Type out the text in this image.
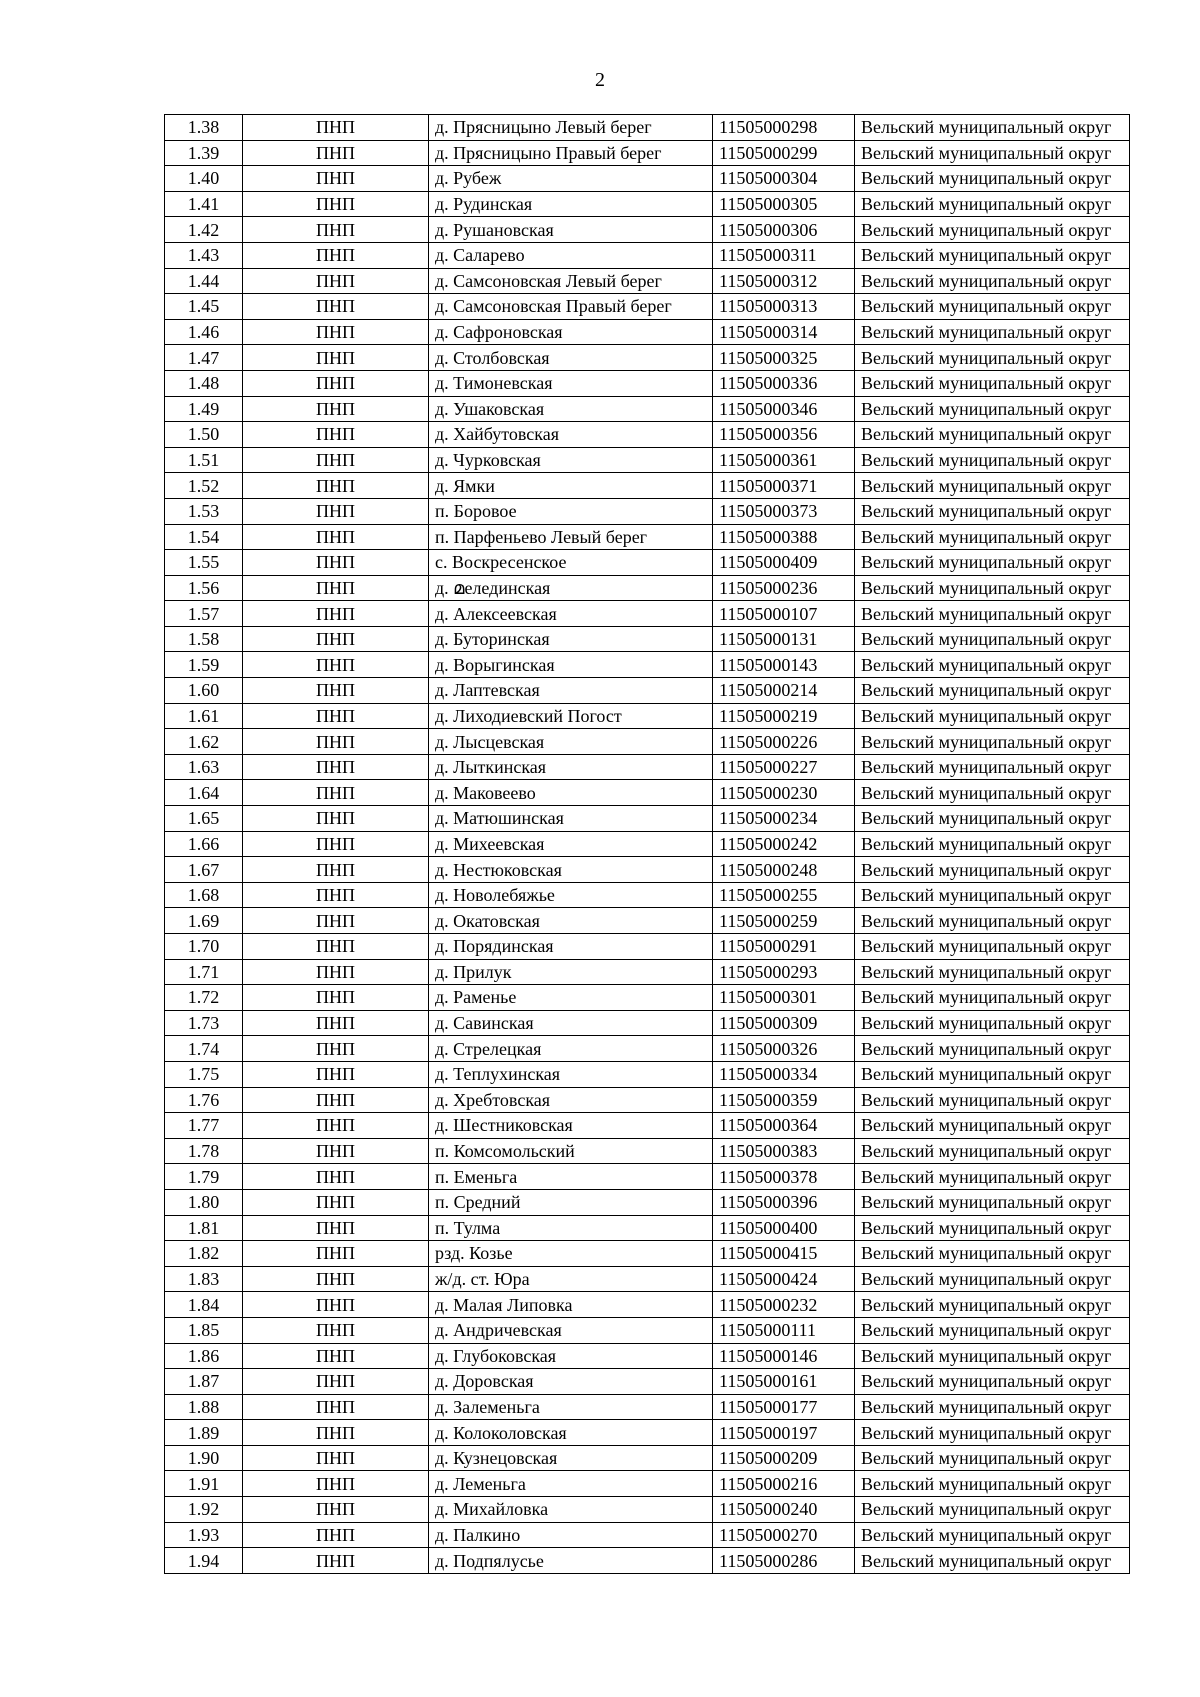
2
1.38	ПНП	д. Прясницыно Левый берег	11505000298	Вельский муниципальный округ
1.39	ПНП	д. Прясницыно Правый берег	11505000299	Вельский муниципальный округ
1.40	ПНП	д. Рубеж	11505000304	Вельский муниципальный округ
1.41	ПНП	д. Рудинская	11505000305	Вельский муниципальный округ
1.42	ПНП	д. Рушановская	11505000306	Вельский муниципальный округ
1.43	ПНП	д. Саларево	11505000311	Вельский муниципальный округ
1.44	ПНП	д. Самсоновская Левый берег	11505000312	Вельский муниципальный округ
1.45	ПНП	д. Самсоновская Правый берег	11505000313	Вельский муниципальный округ
1.46	ПНП	д. Сафроновская	11505000314	Вельский муниципальный округ
1.47	ПНП	д. Столбовская	11505000325	Вельский муниципальный округ
1.48	ПНП	д. Тимоневская	11505000336	Вельский муниципальный округ
1.49	ПНП	д. Ушаковская	11505000346	Вельский муниципальный округ
1.50	ПНП	д. Хайбутовская	11505000356	Вельский муниципальный округ
1.51	ПНП	д. Чурковская	11505000361	Вельский муниципальный округ
1.52	ПНП	д. Ямки	11505000371	Вельский муниципальный округ
1.53	ПНП	п. Боровое	11505000373	Вельский муниципальный округ
1.54	ПНП	п. Парфеньево Левый берег	11505000388	Вельский муниципальный округ
1.55	ПНП	с. Воскресенское	11505000409	Вельский муниципальный округ
1.56	ПНП	д. മелединская	11505000236	Вельский муниципальный округ
1.57	ПНП	д. Алексеевская	11505000107	Вельский муниципальный округ
1.58	ПНП	д. Буторинская	11505000131	Вельский муниципальный округ
1.59	ПНП	д. Ворыгинская	11505000143	Вельский муниципальный округ
1.60	ПНП	д. Лаптевская	11505000214	Вельский муниципальный округ
1.61	ПНП	д. Лиходиевский Погост	11505000219	Вельский муниципальный округ
1.62	ПНП	д. Лысцевская	11505000226	Вельский муниципальный округ
1.63	ПНП	д. Лыткинская	11505000227	Вельский муниципальный округ
1.64	ПНП	д. Маковеево	11505000230	Вельский муниципальный округ
1.65	ПНП	д. Матюшинская	11505000234	Вельский муниципальный округ
1.66	ПНП	д. Михеевская	11505000242	Вельский муниципальный округ
1.67	ПНП	д. Нестюковская	11505000248	Вельский муниципальный округ
1.68	ПНП	д. Новолебяжье	11505000255	Вельский муниципальный округ
1.69	ПНП	д. Окатовская	11505000259	Вельский муниципальный округ
1.70	ПНП	д. Порядинская	11505000291	Вельский муниципальный округ
1.71	ПНП	д. Прилук	11505000293	Вельский муниципальный округ
1.72	ПНП	д. Раменье	11505000301	Вельский муниципальный округ
1.73	ПНП	д. Савинская	11505000309	Вельский муниципальный округ
1.74	ПНП	д. Стрелецкая	11505000326	Вельский муниципальный округ
1.75	ПНП	д. Теплухинская	11505000334	Вельский муниципальный округ
1.76	ПНП	д. Хребтовская	11505000359	Вельский муниципальный округ
1.77	ПНП	д. Шестниковская	11505000364	Вельский муниципальный округ
1.78	ПНП	п. Комсомольский	11505000383	Вельский муниципальный округ
1.79	ПНП	п. Еменьга	11505000378	Вельский муниципальный округ
1.80	ПНП	п. Средний	11505000396	Вельский муниципальный округ
1.81	ПНП	п. Тулма	11505000400	Вельский муниципальный округ
1.82	ПНП	рзд. Козье	11505000415	Вельский муниципальный округ
1.83	ПНП	ж/д. ст. Юра	11505000424	Вельский муниципальный округ
1.84	ПНП	д. Малая Липовка	11505000232	Вельский муниципальный округ
1.85	ПНП	д. Андричевская	11505000111	Вельский муниципальный округ
1.86	ПНП	д. Глубоковская	11505000146	Вельский муниципальный округ
1.87	ПНП	д. Доровская	11505000161	Вельский муниципальный округ
1.88	ПНП	д. Залеменьга	11505000177	Вельский муниципальный округ
1.89	ПНП	д. Колоколовская	11505000197	Вельский муниципальный округ
1.90	ПНП	д. Кузнецовская	11505000209	Вельский муниципальный округ
1.91	ПНП	д. Леменьга	11505000216	Вельский муниципальный округ
1.92	ПНП	д. Михайловка	11505000240	Вельский муниципальный округ
1.93	ПНП	д. Палкино	11505000270	Вельский муниципальный округ
1.94	ПНП	д. Подпялусье	11505000286	Вельский муниципальный округ
